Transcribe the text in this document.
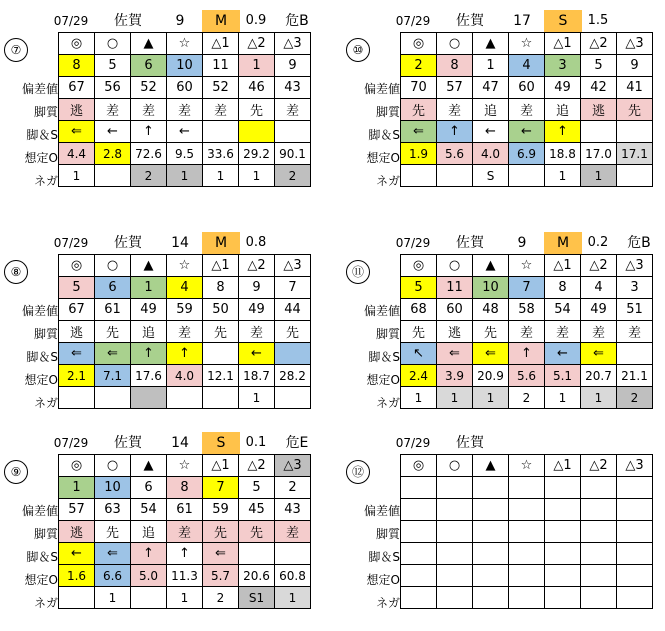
07/29	佐賀	9	M	0.9	危B
⑦
偏差値
脚質
脚＆S
想定O
ネガ
◎	○	▲	☆	△1	△2	△3
8	5	6	10	11	1	9
67	56	52	60	52	46	43
逃	差	差	差	差	先	差
⇐	←	↑	←			
4.4	2.8	72.6	9.5	33.6	29.2	90.1
1		2	1	1	1	2
07/29	佐賀	17	S	1.5
⑩
偏差値
脚質
脚＆S
想定O
ネガ
◎	○	▲	☆	△1	△2	△3
2	8	1	4	3	5	9
70	57	47	60	49	42	41
先	差	追	差	追	逃	先
⇐	↑	←	←	↑		
1.9	5.6	4.0	6.9	18.8	17.0	17.1
		S		1	1	
07/29	佐賀	14	M	0.8
⑧
偏差値
脚質
脚＆S
想定O
ネガ
◎	○	▲	☆	△1	△2	△3
5	6	1	4	8	9	7
67	61	49	59	50	49	44
逃	先	追	差	先	差	先
⇐	⇐	↑	↑		←	
2.1	7.1	17.6	4.0	12.1	18.7	28.2
					1	
07/29	佐賀	9	M	0.2	危B
⑪
偏差値
脚質
脚＆S
想定O
ネガ
◎	○	▲	☆	△1	△2	△3
5	11	10	7	8	4	3
68	60	48	58	54	49	51
先	逃	先	差	差	差	差
↖	⇐	⇐	↑	←	⇐	
2.4	3.9	20.9	5.6	5.1	20.7	21.1
1	1	1	2	1	1	2
07/29	佐賀	14	S	0.1	危E
⑨
偏差値
脚質
脚＆S
想定O
ネガ
◎	○	▲	☆	△1	△2	△3
1	10	6	8	7	5	2
57	63	54	61	59	45	43
逃	先	追	差	先	先	差
←	⇐	↑	↑	⇐		
1.6	6.6	5.0	11.3	5.7	20.6	60.8
	1		1	2	S1	1
07/29	佐賀
⑫
偏差値
脚質
脚＆S
想定O
ネガ
◎	○	▲	☆	△1	△2	△3
